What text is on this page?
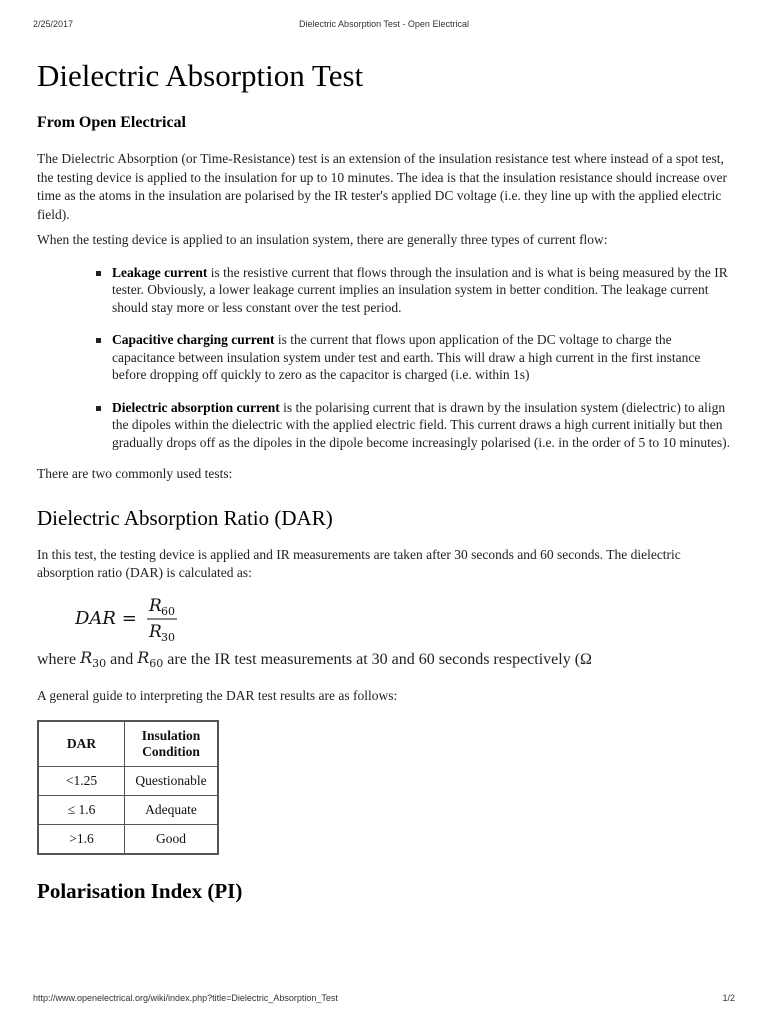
2/25/2017	Dielectric Absorption Test - Open Electrical
Dielectric Absorption Test
From Open Electrical

The Dielectric Absorption (or Time-Resistance) test is an extension of the insulation resistance test where instead of a spot test, the testing device is applied to the insulation for up to 10 minutes. The idea is that the insulation resistance should increase over time as the atoms in the insulation are polarised by the IR tester's applied DC voltage (i.e. they line up with the applied electric field).

When the testing device is applied to an insulation system, there are generally three types of current flow:

Leakage current is the resistive current that flows through the insulation and is what is being measured by the IR tester. Obviously, a lower leakage current implies an insulation system in better condition. The leakage current should stay more or less constant over the test period.
Capacitive charging current is the current that flows upon application of the DC voltage to charge the capacitance between insulation system under test and earth. This will draw a high current in the first instance before dropping off quickly to zero as the capacitor is charged (i.e. within 1s)
Dielectric absorption current is the polarising current that is drawn by the insulation system (dielectric) to align the dipoles within the dielectric with the applied electric field. This current draws a high current initially but then gradually drops off as the dipoles in the dipole become increasingly polarised (i.e. in the order of 5 to 10 minutes).

There are two commonly used tests:

Dielectric Absorption Ratio (DAR)

In this test, the testing device is applied and IR measurements are taken after 30 seconds and 60 seconds. The dielectric absorption ratio (DAR) is calculated as:

DAR =
R 60
R 30
where $R_{30}$ and $R_{60}$ are the IR test measurements at 30 and 60 seconds respectively (Ω

A general guide to interpreting the DAR test results are as follows:

DAR	Insulation Condition
<1.25	Questionable
≤ 1.6	Adequate
>1.6	Good
Polarisation Index (PI)
http://www.openelectrical.org/wiki/index.php?title=Dielectric_Absorption_Test	1/2
